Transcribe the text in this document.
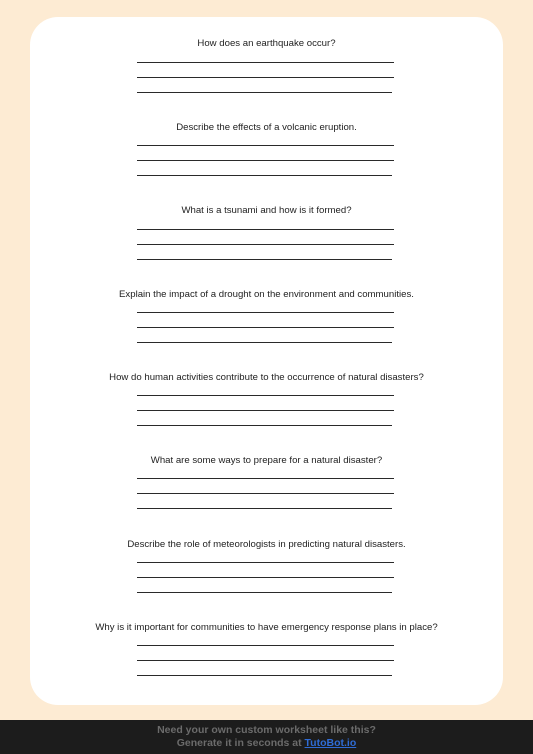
How does an earthquake occur?
Describe the effects of a volcanic eruption.
What is a tsunami and how is it formed?
Explain the impact of a drought on the environment and communities.
How do human activities contribute to the occurrence of natural disasters?
What are some ways to prepare for a natural disaster?
Describe the role of meteorologists in predicting natural disasters.
Why is it important for communities to have emergency response plans in place?
Need your own custom worksheet like this?
Generate it in seconds at TutoBot.io
